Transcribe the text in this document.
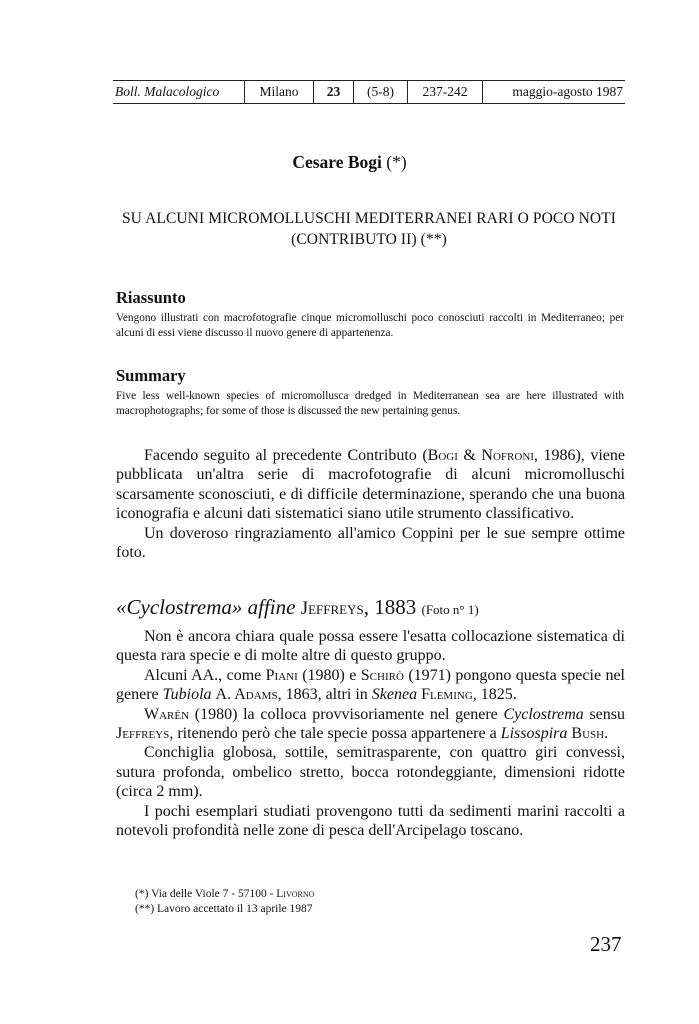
Boll. Malacologico	Milano	23	(5-8)	237-242	maggio-agosto 1987
Cesare Bogi (*)
SU ALCUNI MICROMOLLUSCHI MEDITERRANEI RARI O POCO NOTI
(CONTRIBUTO II) (**)
Riassunto
Vengono illustrati con macrofotografie cinque micromolluschi poco conosciuti raccolti in Mediterraneo; per alcuni di essi viene discusso il nuovo genere di appartenenza.
Summary
Five less well-known species of micromollusca dredged in Mediterranean sea are here illustrated with macrophotographs; for some of those is discussed the new pertaining genus.

Facendo seguito al precedente Contributo (Bogi & Nofroni, 1986), viene pubblicata un'altra serie di macrofotografie di alcuni micromolluschi scarsamente sconosciuti, e di difficile determinazione, sperando che una buona iconografia e alcuni dati sistematici siano utile strumento classificativo.

Un doveroso ringraziamento all'amico Coppini per le sue sempre ottime foto.

«Cyclostrema» affine Jeffreys, 1883 (Foto n° 1)

Non è ancora chiara quale possa essere l'esatta collocazione sistematica di questa rara specie e di molte altre di questo gruppo.

Alcuni AA., come Piani (1980) e Schirò (1971) pongono questa specie nel genere Tubiola A. Adams, 1863, altri in Skenea Fleming, 1825.

Warén (1980) la colloca provvisoriamente nel genere Cyclostrema sensu Jeffreys, ritenendo però che tale specie possa appartenere a Lissospira Bush.

Conchiglia globosa, sottile, semitrasparente, con quattro giri convessi, sutura profonda, ombelico stretto, bocca rotondeggiante, dimensioni ridotte (circa 2 mm).

I pochi esemplari studiati provengono tutti da sedimenti marini raccolti a notevoli profondità nelle zone di pesca dell'Arcipelago toscano.

(*) Via delle Viole 7 - 57100 - Livorno
(**) Lavoro accettato il 13 aprile 1987
237
